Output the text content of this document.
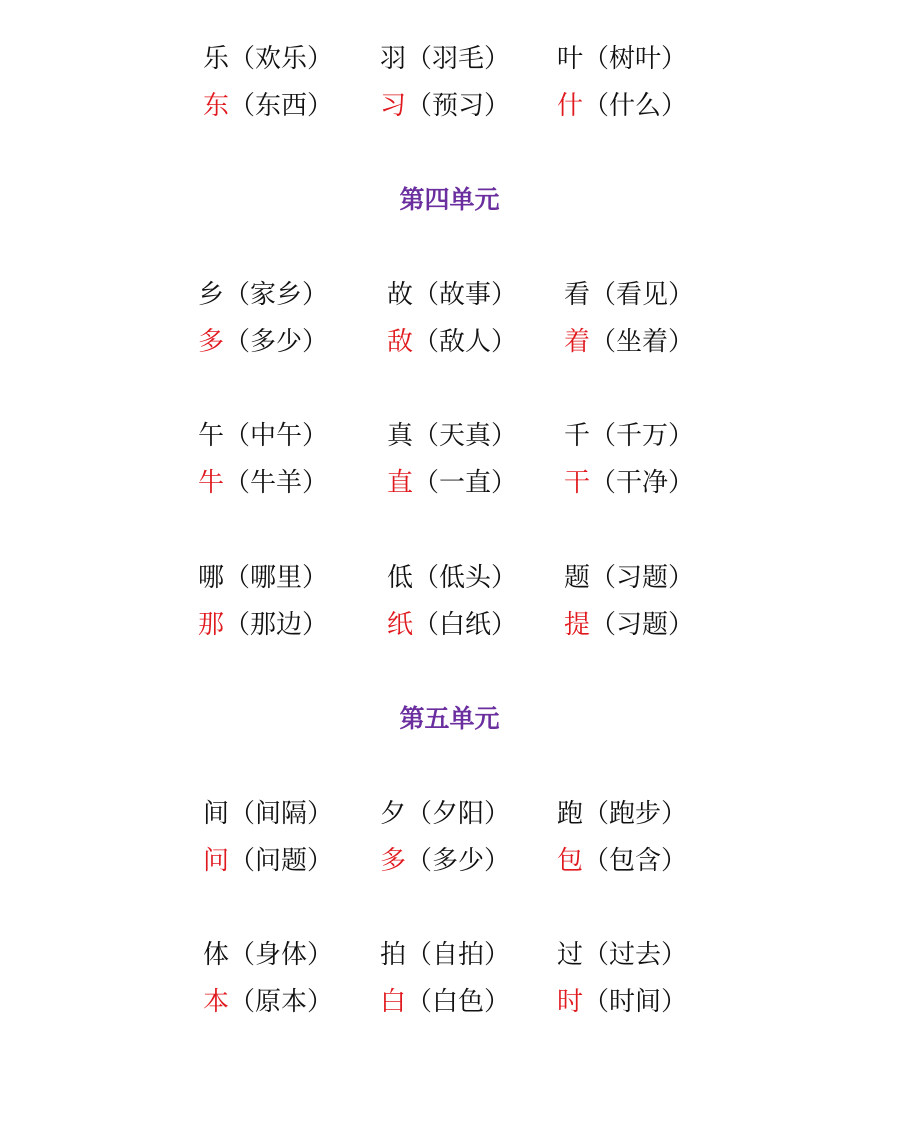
乐（欢乐） 羽（羽毛） 叶（树叶）
东（东西） 习（预习） 什（什么）
第四单元
乡（家乡） 故（故事） 看（看见）
多（多少） 敌（敌人） 着（坐着）
午（中午） 真（天真） 千（千万）
牛（牛羊） 直（一直） 干（干净）
哪（哪里） 低（低头） 题（习题）
那（那边） 纸（白纸） 提（习题）
第五单元
间（间隔） 夕（夕阳） 跑（跑步）
问（问题） 多（多少） 包（包含）
体（身体） 拍（自拍） 过（过去）
本（原本） 白（白色） 时（时间）
